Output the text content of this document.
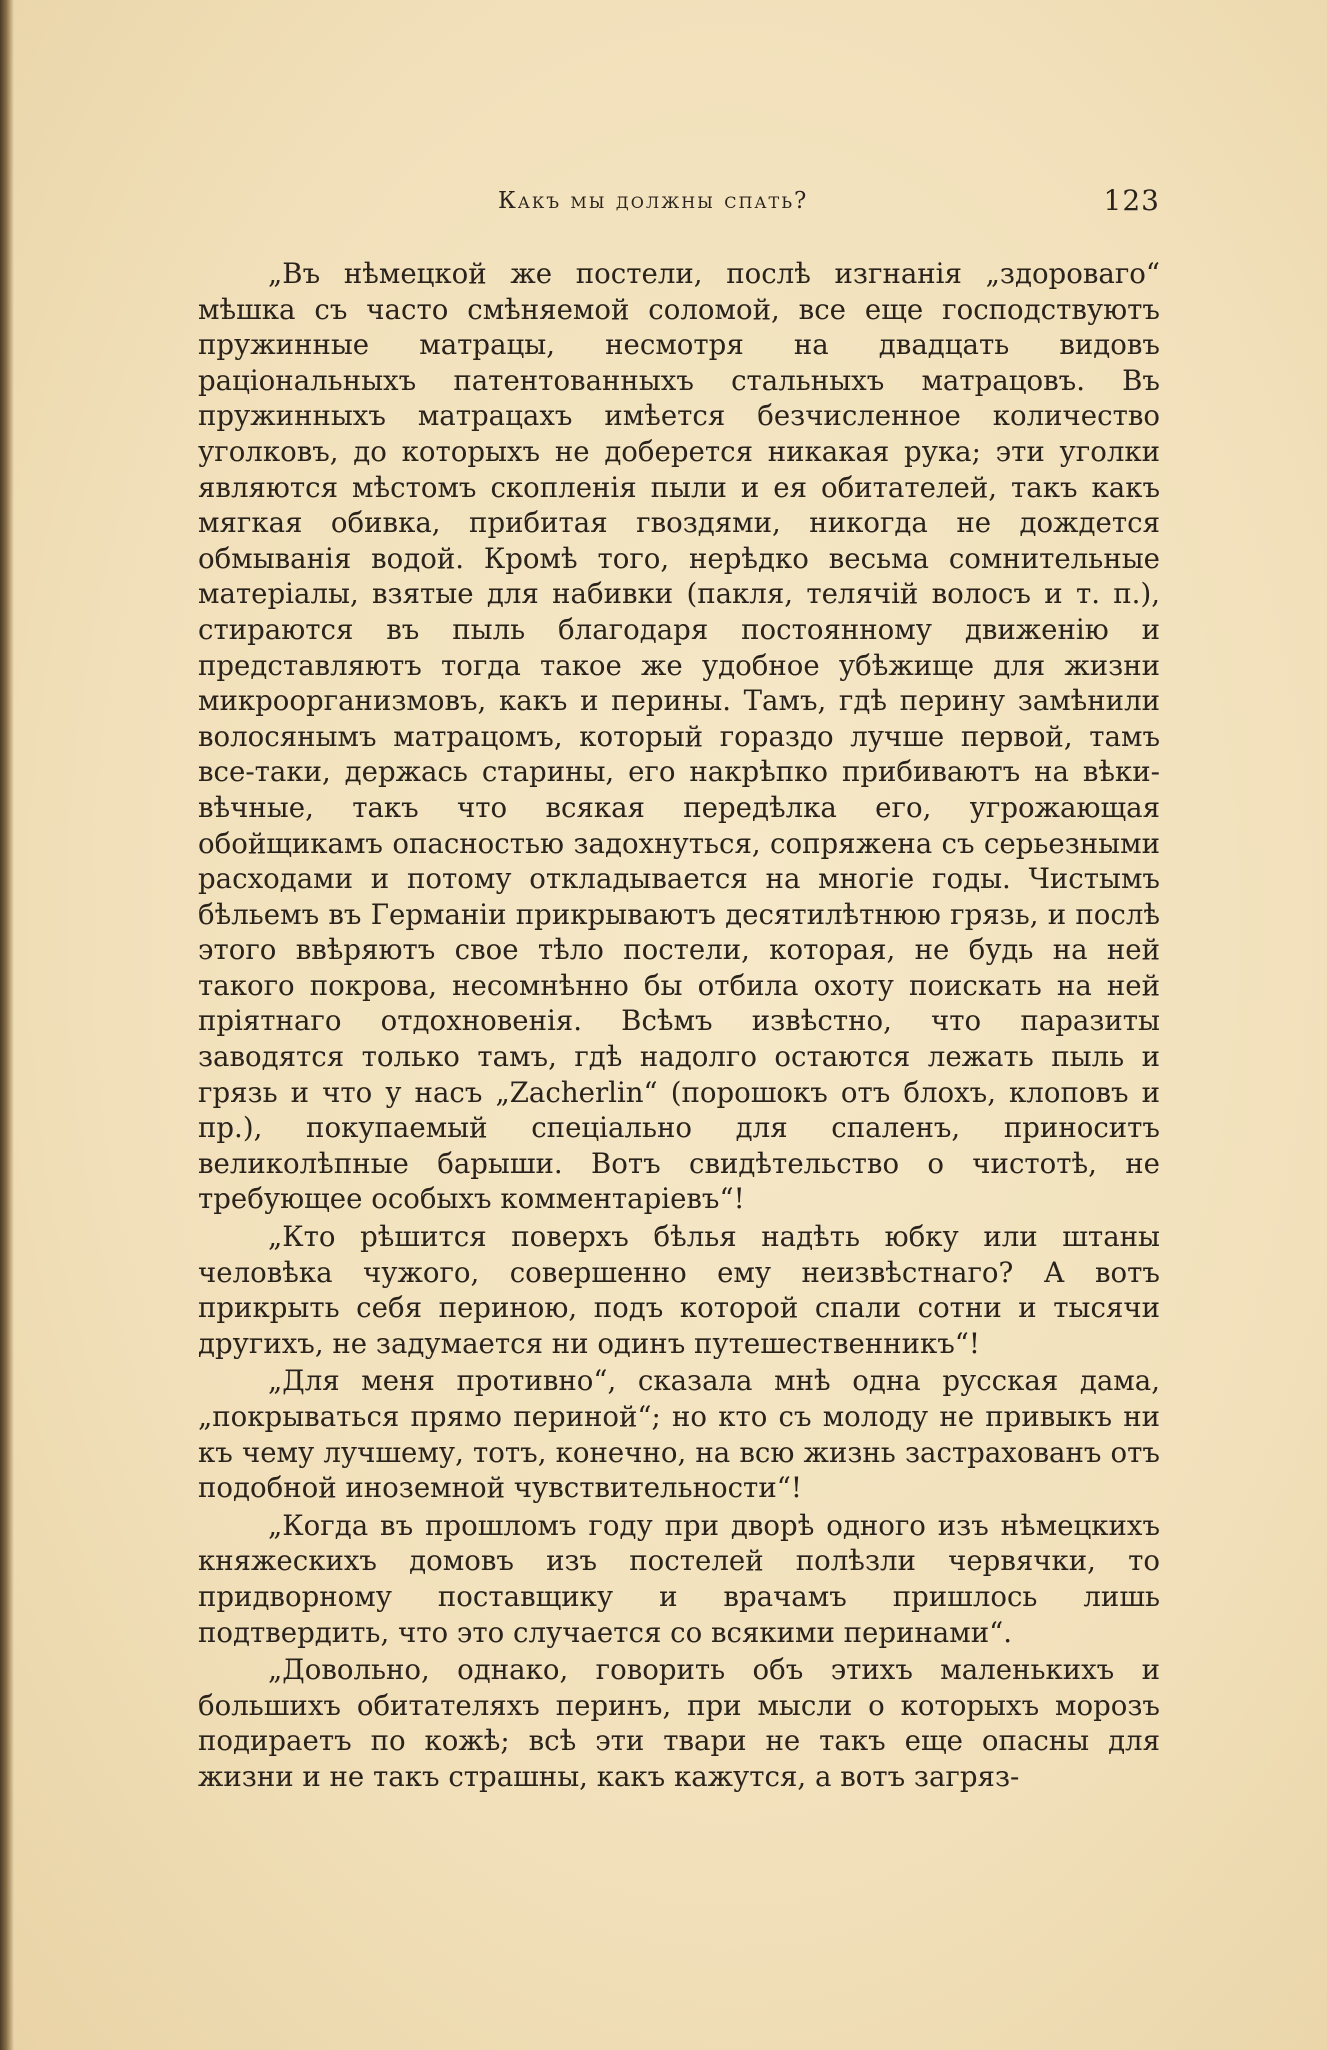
Какъ мы должны спать?	123

„Въ нѣмецкой же постели, послѣ изгнанія „здороваго“ мѣшка съ часто смѣняемой соломой, все еще господствуютъ пружинные матрацы, несмотря на двадцать видовъ раціональныхъ патентованныхъ стальныхъ матрацовъ. Въ пружинныхъ матрацахъ имѣется безчисленное количество уголковъ, до которыхъ не доберется никакая рука; эти уголки являются мѣстомъ скопленія пыли и ея обитателей, такъ какъ мягкая обивка, прибитая гвоздями, никогда не дождется обмыванія водой. Кромѣ того, нерѣдко весьма сомнительные матеріалы, взятые для набивки (пакля, телячій волосъ и т. п.), стираются въ пыль благодаря постоянному движенію и представляютъ тогда такое же удобное убѣжище для жизни микроорганизмовъ, какъ и перины. Тамъ, гдѣ перину замѣнили волосянымъ матрацомъ, который гораздо лучше первой, тамъ все-таки, держась старины, его накрѣпко прибиваютъ на вѣки-вѣчные, такъ что всякая передѣлка его, угрожающая обойщикамъ опасностью задохнуться, сопряжена съ серьезными расходами и потому откладывается на многіе годы. Чистымъ бѣльемъ въ Германіи прикрываютъ десятилѣтнюю грязь, и послѣ этого ввѣряютъ свое тѣло постели, которая, не будь на ней такого покрова, несомнѣнно бы отбила охоту поискать на ней пріятнаго отдохновенія. Всѣмъ извѣстно, что паразиты заводятся только тамъ, гдѣ надолго остаются лежать пыль и грязь и что у насъ „Zacherlin“ (порошокъ отъ блохъ, клоповъ и пр.), покупаемый спеціально для спаленъ, приноситъ великолѣпные барыши. Вотъ свидѣтельство о чистотѣ, не требующее особыхъ комментаріевъ“!

„Кто рѣшится поверхъ бѣлья надѣть юбку или штаны человѣка чужого, совершенно ему неизвѣстнаго? А вотъ прикрыть себя периною, подъ которой спали сотни и тысячи другихъ, не задумается ни одинъ путешественникъ“!

„Для меня противно“, сказала мнѣ одна русская дама, „покрываться прямо периной“; но кто съ молоду не привыкъ ни къ чему лучшему, тотъ, конечно, на всю жизнь застрахованъ отъ подобной иноземной чувствительности“!

„Когда въ прошломъ году при дворѣ одного изъ нѣмецкихъ княжескихъ домовъ изъ постелей полѣзли червячки, то придворному поставщику и врачамъ пришлось лишь подтвердить, что это случается со всякими перинами“.

„Довольно, однако, говорить объ этихъ маленькихъ и большихъ обитателяхъ перинъ, при мысли о которыхъ морозъ подираетъ по кожѣ; всѣ эти твари не такъ еще опасны для жизни и не такъ страшны, какъ кажутся, а вотъ загряз-
